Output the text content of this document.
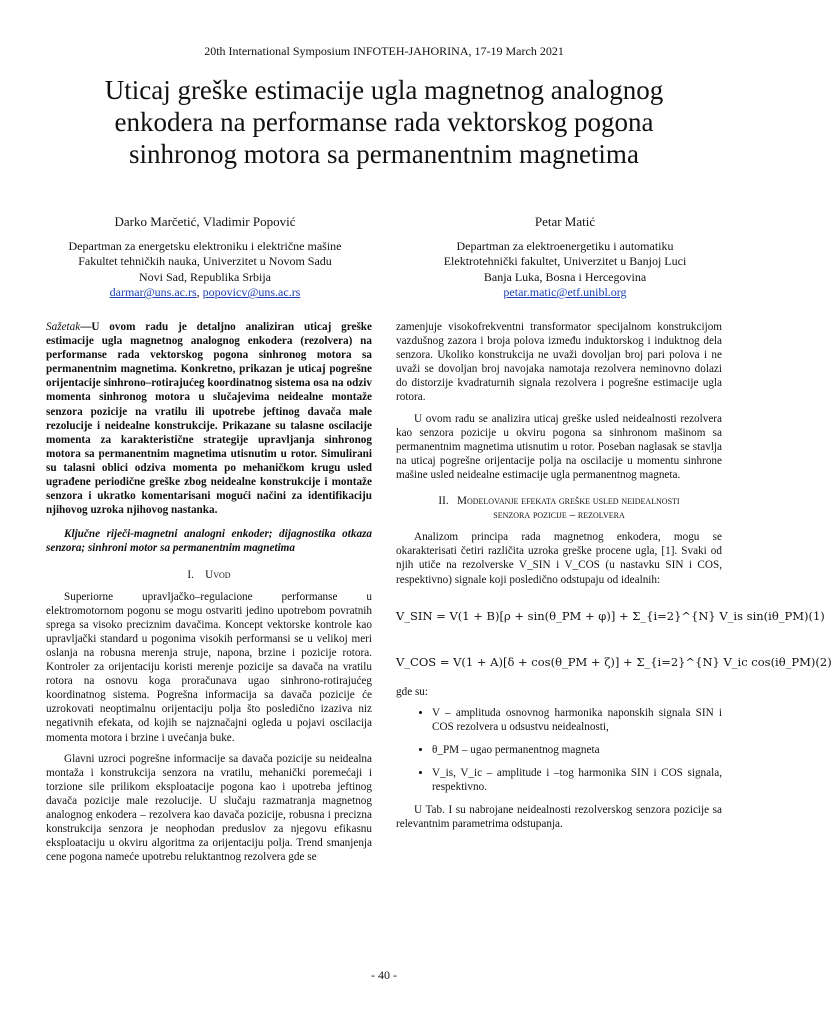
20th International Symposium INFOTEH-JAHORINA, 17-19 March 2021
Uticaj greške estimacije ugla magnetnog analognog
enkodera na performanse rada vektorskog pogona
sinhronog motora sa permanentnim magnetima
Darko Marčetić, Vladimir Popović
Departman za energetsku elektroniku i električne mašine
Fakultet tehničkih nauka, Univerzitet u Novom Sadu
Novi Sad, Republika Srbija
darmar@uns.ac.rs, popovicv@uns.ac.rs
Petar Matić
Departman za elektroenergetiku i automatiku
Elektrotehnički fakultet, Univerzitet u Banjoj Luci
Banja Luka, Bosna i Hercegovina
petar.matic@etf.unibl.org

Sažetak—U ovom radu je detaljno analiziran uticaj greške estimacije ugla magnetnog analognog enkodera (rezolvera) na performanse rada vektorskog pogona sinhronog motora sa permanentnim magnetima. Konkretno, prikazan je uticaj pogrešne orijentacije sinhrono–rotirajućeg koordinatnog sistema osa na odziv momenta sinhronog motora u slučajevima neidealne montaže senzora pozicije na vratilu ili upotrebe jeftinog davača male rezolucije i neidealne konstrukcije. Prikazane su talasne oscilacije momenta za karakteristične strategije upravljanja sinhronog motora sa permanentnim magnetima utisnutim u rotor. Simulirani su talasni oblici odziva momenta po mehaničkom krugu usled ugrađene periodične greške zbog neidealne konstrukcije i montaže senzora i ukratko komentarisani mogući načini za identifikaciju njihovog uzroka njihovog nastanka.

Ključne riječi-magnetni analogni enkoder; dijagnostika otkaza senzora; sinhroni motor sa permanentnim magnetima

I. Uvod

Superiorne upravljačko–regulacione performanse u elektromotornom pogonu se mogu ostvariti jedino upotrebom povratnih sprega sa visoko preciznim davačima. Koncept vektorske kontrole kao upravljački standard u pogonima visokih performansi se u velikoj meri oslanja na robusna merenja struje, napona, brzine i pozicije rotora. Kontroler za orijentaciju koristi merenje pozicije sa davača na vratilu rotora na osnovu koga proračunava ugao sinhrono-rotirajućeg koordinatnog sistema. Pogrešna informacija sa davača pozicije će uzrokovati neoptimalnu orijentaciju polja što posledično izaziva niz negativnih efekata, od kojih se najznačajni ogleda u pojavi oscilacija momenta motora i brzine i uvećanja buke.

Glavni uzroci pogrešne informacije sa davača pozicije su neidealna montaža i konstrukcija senzora na vratilu, mehanički poremećaji i torzione sile prilikom eksploatacije pogona kao i upotreba jeftinog davača pozicije male rezolucije. U slučaju razmatranja magnetnog analognog enkodera – rezolvera kao davača pozicije, robusna i precizna konstrukcija senzora je neophodan preduslov za njegovu efikasnu eksploataciju u okviru algoritma za orijentaciju polja. Trend smanjenja cene pogona nameće upotrebu reluktantnog rezolvera gde se

zamenjuje visokofrekventni transformator specijalnom konstrukcijom vazdušnog zazora i broja polova između induktorskog i induktnog dela senzora. Ukoliko konstrukcija ne uvaži dovoljan broj pari polova i ne uvaži se dovoljan broj navojaka namotaja rezolvera neminovno dolazi do distorzije kvadraturnih signala rezolvera i pogrešne estimacije ugla rotora.

U ovom radu se analizira uticaj greške usled neidealnosti rezolvera kao senzora pozicije u okviru pogona sa sinhronom mašinom sa permanentnim magnetima utisnutim u rotor. Poseban naglasak se stavlja na uticaj pogrešne orijentacije polja na oscilacije u momentu sinhrone mašine usled neidealne estimacije ugla permanentnog magneta.

II. Modelovanje efekata greške usled neidealnosti
senzora pozicije – rezolvera

Analizom principa rada magnetnog enkodera, mogu se okarakterisati četiri različita uzroka greške procene ugla, [1]. Svaki od njih utiče na rezolverske V_SIN i V_COS (u nastavku SIN i COS, respektivno) signale koji posledično odstupaju od idealnih:

V_SIN = V(1 + B)[ρ + sin(θ_PM + φ)] + Σ_{i=2}^{N} V_is sin(iθ_PM) (1)
V_COS = V(1 + A)[δ + cos(θ_PM + ζ)] + Σ_{i=2}^{N} V_ic cos(iθ_PM) (2)

gde su:

• V – amplituda osnovnog harmonika naponskih signala SIN i COS rezolvera u odsustvu neidealnosti,
• θ_PM – ugao permanentnog magneta
• V_is, V_ic – amplitude i –tog harmonika SIN i COS signala, respektivno.

U Tab. I su nabrojane neidealnosti rezolverskog senzora pozicije sa relevantnim parametrima odstupanja.

- 40 -
